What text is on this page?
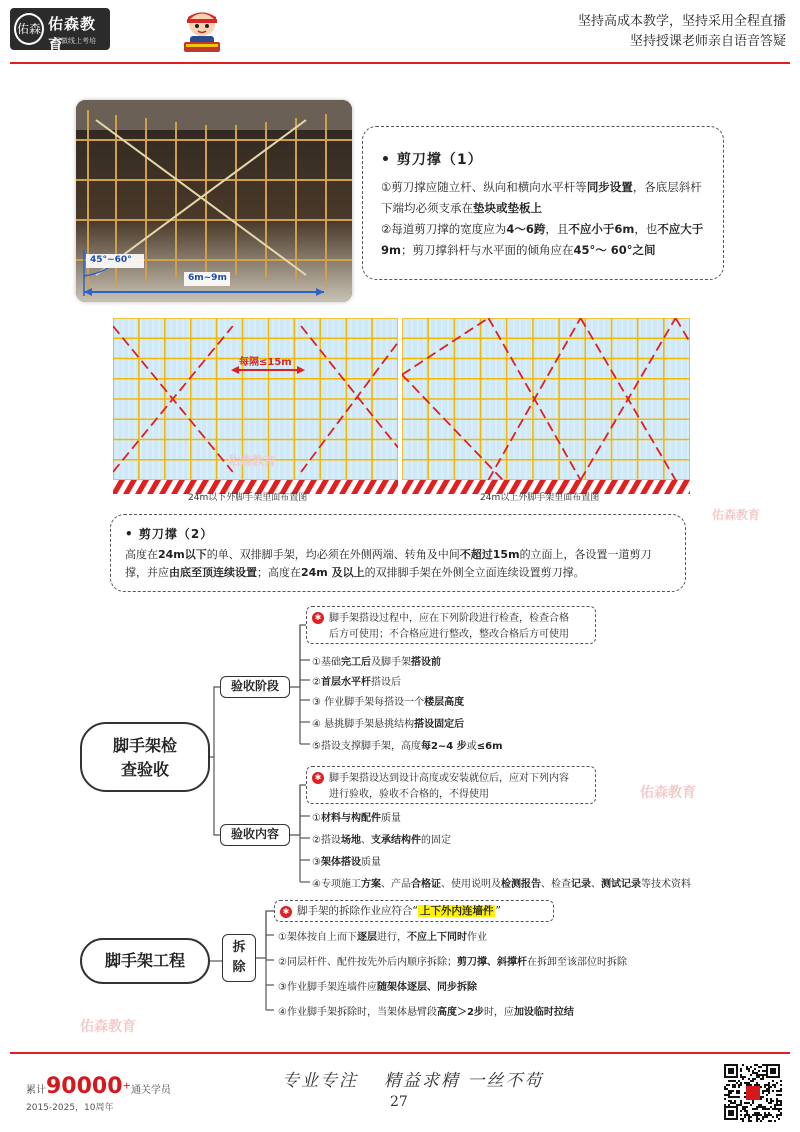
佑森 佑森教育
只做线上考培
坚持高成本教学，坚持采用全程直播
坚持授课老师亲自语音答疑
45°~60°
6m~9m
• 剪刀撑（1）
①剪刀撑应随立杆、纵向和横向水平杆等同步设置，各底层斜杆下端均必须支承在垫块或垫板上
②每道剪刀撑的宽度应为4～6跨，且不应小于6m，也不应大于9m；剪刀撑斜杆与水平面的倾角应在45°～ 60°之间
每隔≤15m
24m以下外脚手架里面布置图	24m以上外脚手架里面布置图
佑森教育
• 剪刀撑（2）
高度在24m以下的单、双排脚手架，均必须在外侧两端、转角及中间不超过15m的立面上，各设置一道剪刀撑，并应由底至顶连续设置；高度在24m 及以上的双排脚手架在外侧全立面连续设置剪刀撑。
佑森教育
脚手架检
查验收
验收阶段
验收内容
✱ 脚手架搭设过程中，应在下列阶段进行检查，检查合格
后方可使用；不合格应进行整改，整改合格后方可使用
①基础完工后及脚手架搭设前
②首层水平杆搭设后
③ 作业脚手架每搭设一个楼层高度
④ 悬挑脚手架悬挑结构搭设固定后
⑤搭设支撑脚手架，高度每2~4 步或≤6m
✱ 脚手架搭设达到设计高度或安装就位后，应对下列内容
进行验收，验收不合格的，不得使用
①材料与构配件质量
②搭设场地、支承结构件的固定
③架体搭设质量
④专项施工方案、产品合格证、使用说明及检测报告、检查记录、测试记录等技术资料
佑森教育
脚手架工程
拆
除
✱ 脚手架的拆除作业应符合“ 上下外内连墙件 ”
①架体按自上而下逐层进行，不应上下同时作业
②同层杆件、配件按先外后内顺序拆除；剪刀撑、斜撑杆在拆卸至该部位时拆除
③作业脚手架连墙件应随架体逐层、同步拆除
④作业脚手架拆除时，当架体悬臂段高度＞2步时，应加设临时拉结
佑森教育
累计90000+通关学员
2015-2025，10周年
专业专注 精益求精 一丝不苟
27
